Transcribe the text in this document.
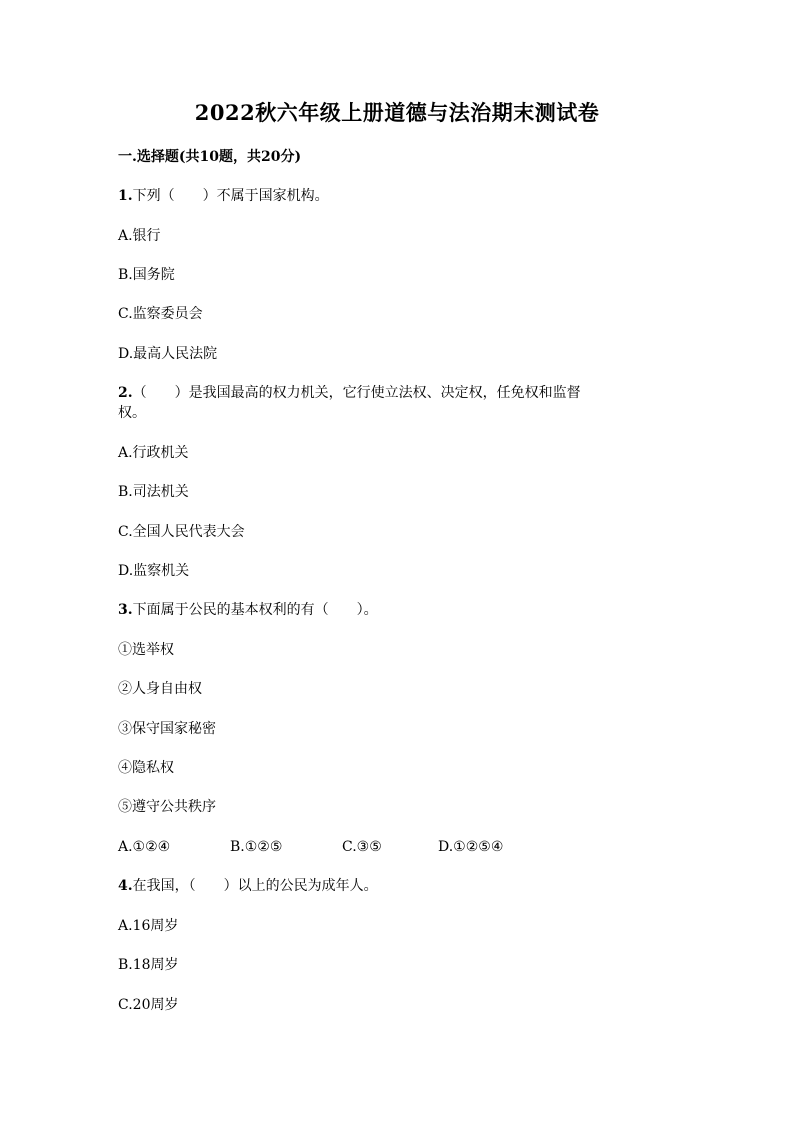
2022秋六年级上册道德与法治期末测试卷
一.选择题(共10题，共20分)
1.下列（　　）不属于国家机构。
A.银行
B.国务院
C.监察委员会
D.最高人民法院
2.（　　）是我国最高的权力机关，它行使立法权、决定权，任免权和监督
权。
A.行政机关
B.司法机关
C.全国人民代表大会
D.监察机关
3.下面属于公民的基本权利的有（　　）。
①选举权
②人身自由权
③保守国家秘密
④隐私权
⑤遵守公共秩序
A.①②④	B.①②⑤	C.③⑤	D.①②⑤④
4.在我国，（　　）以上的公民为成年人。
A.16周岁
B.18周岁
C.20周岁
